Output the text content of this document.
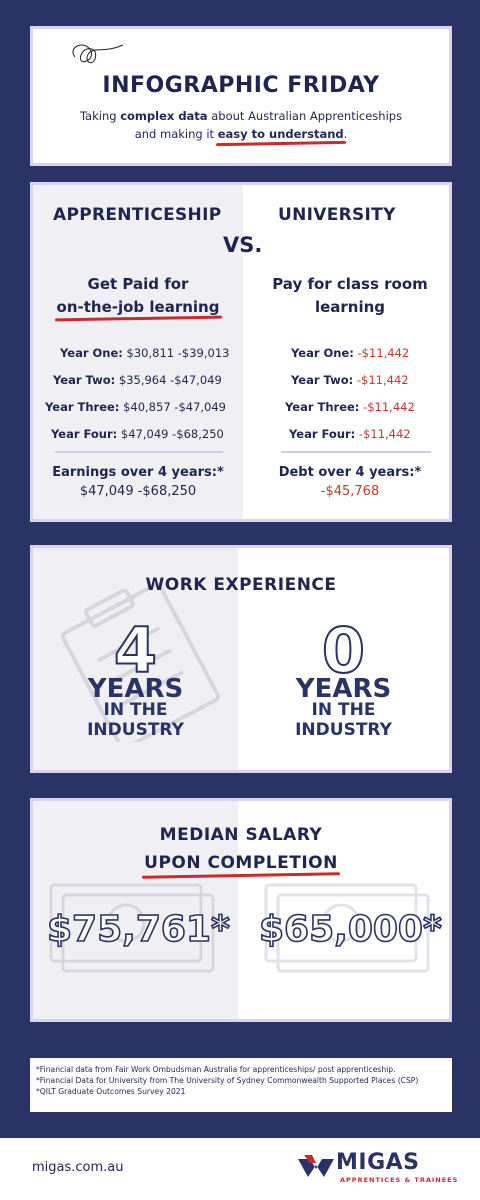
INFOGRAPHIC FRIDAY
Taking complex data about Australian Apprenticeships
and making it easy to understand.
APPRENTICESHIP	UNIVERSITY
VS.
Get Paid for
on-the-job learning
Pay for class room
learning
Year One: $30,811 -$39,013
Year Two: $35,964 -$47,049
Year Three: $40,857 -$47,049
Year Four: $47,049 -$68,250
Year One: -$11,442
Year Two: -$11,442
Year Three: -$11,442
Year Four: -$11,442
Earnings over 4 years:*
$47,049 -$68,250
Debt over 4 years:*
-$45,768
WORK EXPERIENCE
4
YEARS
IN THE
INDUSTRY
0
YEARS
IN THE
INDUSTRY
MEDIAN SALARY
UPON COMPLETION
$75,761* $65,000*
*Financial data from Fair Work Ombudsman Australia for apprenticeships/ post apprenticeship.
*Financial Data for University from The University of Sydney Commonwealth Supported Places (CSP)
*QILT Graduate Outcomes Survey 2021
migas.com.au	MIGAS
APPRENTICES & TRAINEES
